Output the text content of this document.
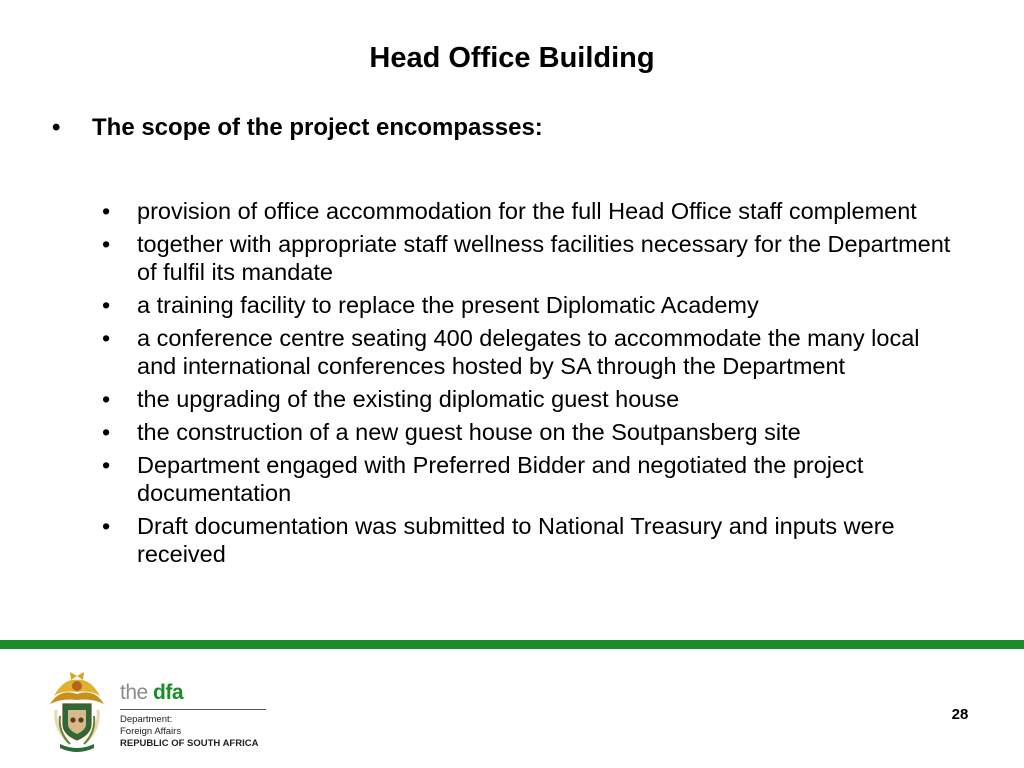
Head Office Building
•	The scope of the project encompasses:
•	provision of office accommodation for the full Head Office staff complement
•	together with appropriate staff wellness facilities necessary for the Department of fulfil its mandate
•	a training facility to replace the present Diplomatic Academy
•	a conference centre seating 400 delegates to accommodate the many local and international conferences hosted by SA through the Department
•	the upgrading of the existing diplomatic guest house
•	the construction of a new guest house on the Soutpansberg site
•	Department engaged with Preferred Bidder and negotiated the project documentation
•	Draft documentation was submitted to National Treasury and inputs were received
the dfa
Department:
Foreign Affairs
REPUBLIC OF SOUTH AFRICA
28
